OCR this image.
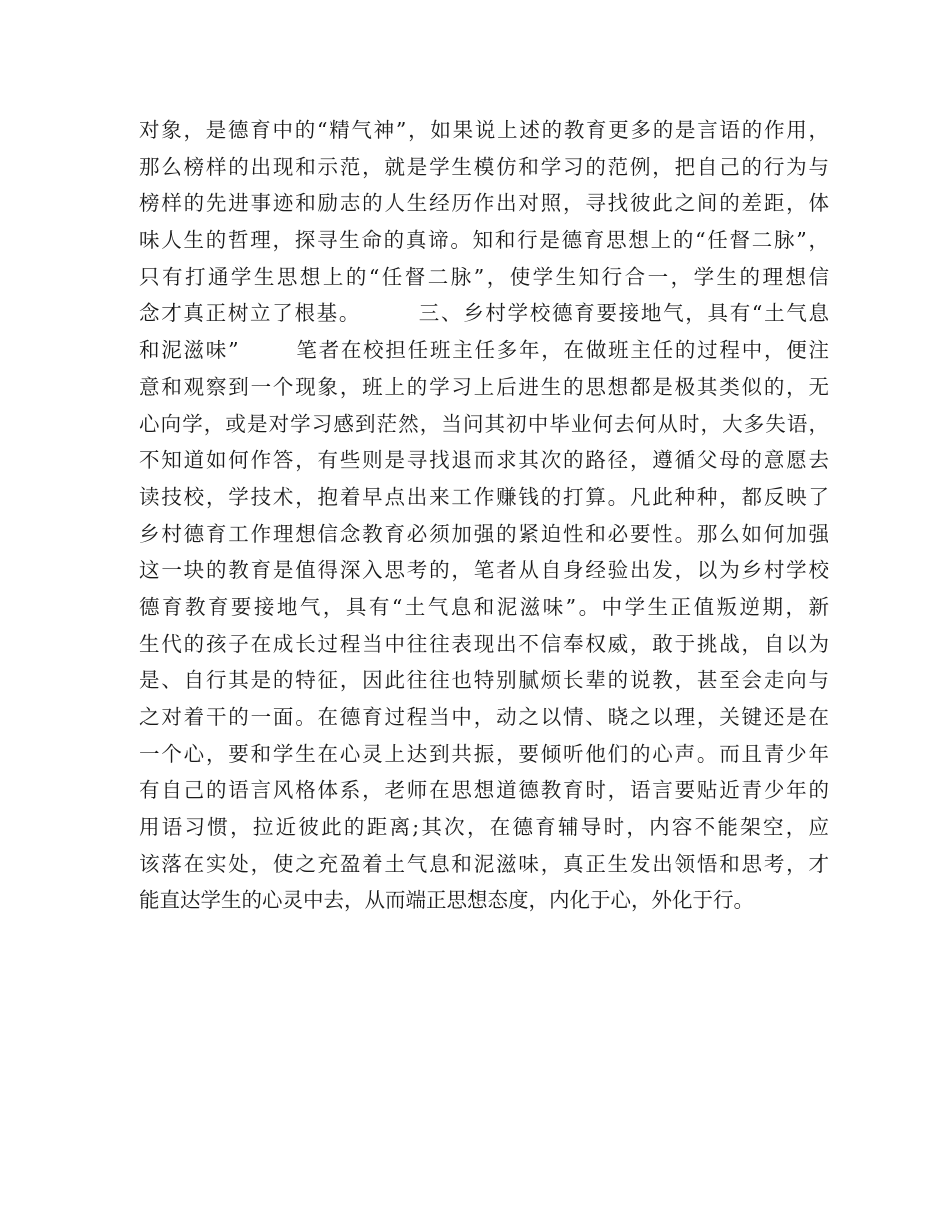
对象，是德育中的“精气神”，如果说上述的教育更多的是言语的作用，
那么榜样的出现和示范，就是学生模仿和学习的范例，把自己的行为与
榜样的先进事迹和励志的人生经历作出对照，寻找彼此之间的差距，体
味人生的哲理，探寻生命的真谛。知和行是德育思想上的“任督二脉”，
只有打通学生思想上的“任督二脉”，使学生知行合一，学生的理想信
念才真正树立了根基。	三、乡村学校德育要接地气，具有“土气息
和泥滋味”	笔者在校担任班主任多年，在做班主任的过程中，便注
意和观察到一个现象，班上的学习上后进生的思想都是极其类似的，无
心向学，或是对学习感到茫然，当问其初中毕业何去何从时，大多失语，
不知道如何作答，有些则是寻找退而求其次的路径，遵循父母的意愿去
读技校，学技术，抱着早点出来工作赚钱的打算。凡此种种，都反映了
乡村德育工作理想信念教育必须加强的紧迫性和必要性。那么如何加强
这一块的教育是值得深入思考的，笔者从自身经验出发，以为乡村学校
德育教育要接地气，具有“土气息和泥滋味”。中学生正值叛逆期，新
生代的孩子在成长过程当中往往表现出不信奉权威，敢于挑战，自以为
是、自行其是的特征，因此往往也特别腻烦长辈的说教，甚至会走向与
之对着干的一面。在德育过程当中，动之以情、晓之以理，关键还是在
一个心，要和学生在心灵上达到共振，要倾听他们的心声。而且青少年
有自己的语言风格体系，老师在思想道德教育时，语言要贴近青少年的
用语习惯，拉近彼此的距离;其次，在德育辅导时，内容不能架空，应
该落在实处，使之充盈着土气息和泥滋味，真正生发出领悟和思考，才
能直达学生的心灵中去，从而端正思想态度，内化于心，外化于行。
